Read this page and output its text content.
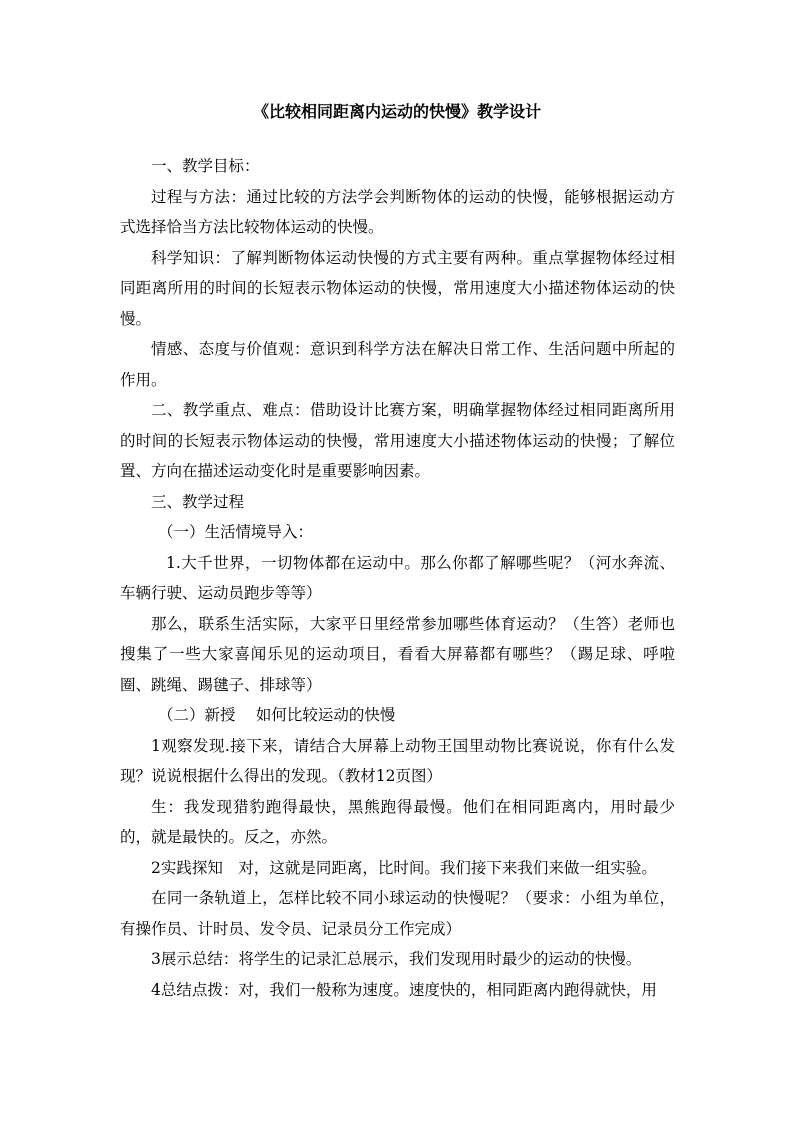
《比较相同距离内运动的快慢》教学设计

一、教学目标：

过程与方法：通过比较的方法学会判断物体的运动的快慢，能够根据运动方式选择恰当方法比较物体运动的快慢。

科学知识：了解判断物体运动快慢的方式主要有两种。重点掌握物体经过相同距离所用的时间的长短表示物体运动的快慢，常用速度大小描述物体运动的快慢。

情感、态度与价值观：意识到科学方法在解决日常工作、生活问题中所起的作用。

二、教学重点、难点：借助设计比赛方案，明确掌握物体经过相同距离所用的时间的长短表示物体运动的快慢，常用速度大小描述物体运动的快慢；了解位置、方向在描述运动变化时是重要影响因素。

三、教学过程

（一）生活情境导入：

1.大千世界，一切物体都在运动中。那么你都了解哪些呢？（河水奔流、车辆行驶、运动员跑步等等）

那么，联系生活实际，大家平日里经常参加哪些体育运动？（生答）老师也搜集了一些大家喜闻乐见的运动项目，看看大屏幕都有哪些？（踢足球、呼啦圈、跳绳、踢毽子、排球等）

（二）新授　 如何比较运动的快慢

1观察发现.接下来，请结合大屏幕上动物王国里动物比赛说说，你有什么发现？说说根据什么得出的发现。（教材12页图）

生：我发现猎豹跑得最快，黑熊跑得最慢。他们在相同距离内，用时最少的，就是最快的。反之，亦然。

2实践探知　对，这就是同距离，比时间。我们接下来我们来做一组实验。

在同一条轨道上，怎样比较不同小球运动的快慢呢？（要求：小组为单位，有操作员、计时员、发令员、记录员分工作完成）

3展示总结：将学生的记录汇总展示，我们发现用时最少的运动的快慢。

4总结点拨：对，我们一般称为速度。速度快的，相同距离内跑得就快，用
